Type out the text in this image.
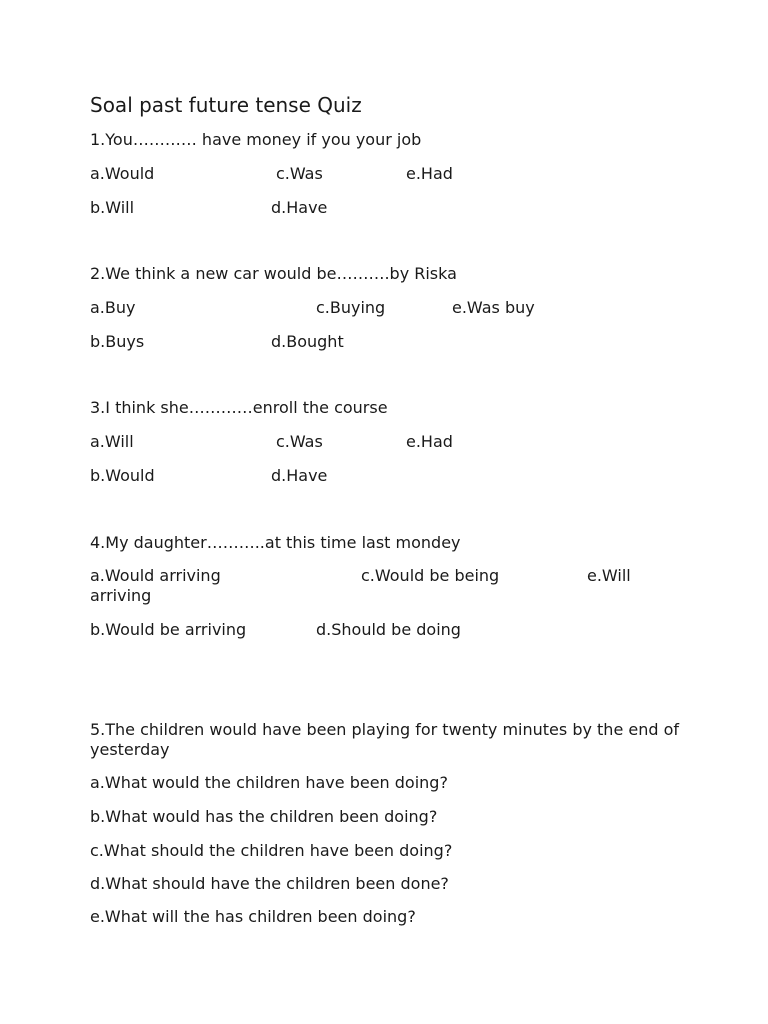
Soal past future tense Quiz
1.You………… have money if you your job
a.Would	c.Was	e.Had
b.Will	d.Have
2.We think a new car would be……….by Riska
a.Buy	c.Buying	e.Was buy
b.Buys	d.Bought
3.I think she…………enroll the course
a.Will	c.Was	e.Had
b.Would	d.Have
4.My daughter………..at this time last mondey
a.Would arriving	c.Would be being	e.Will
arriving
b.Would be arriving	d.Should be doing
5.The children would have been playing for twenty minutes by the end of yesterday
a.What would the children have been doing?
b.What would has the children been doing?
c.What should the children have been doing?
d.What should have the children been done?
e.What will the has children been doing?
